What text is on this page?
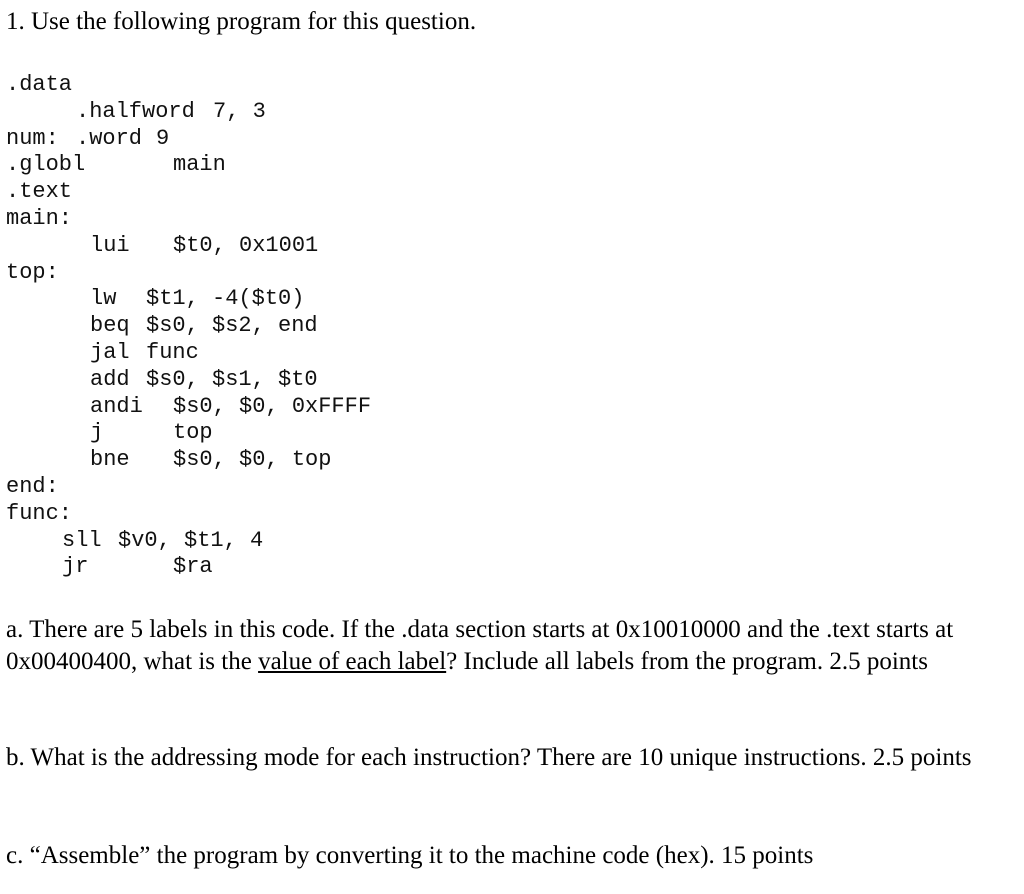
1. Use the following program for this question.

.data

.halfword

7, 3

num:

.word

9

.globl

	main

.text

main:

lui

$t0, 0x1001

top:

lw

$t1, -4($t0)

beq

$s0, $s2, end

jal

func

add

$s0, $s1, $t0

andi

$s0, $0, 0xFFFF

j

	top

bne

$s0, $0, top

end:

func:

sll

$v0, $t1, 4

jr

	$ra

a. There are 5 labels in this code. If the .data section starts at 0x10010000 and the .text starts at 0x00400400, what is the value of each label? Include all labels from the program. 2.5 points

b. What is the addressing mode for each instruction? There are 10 unique instructions. 2.5 points

c. “Assemble” the program by converting it to the machine code (hex). 15 points
